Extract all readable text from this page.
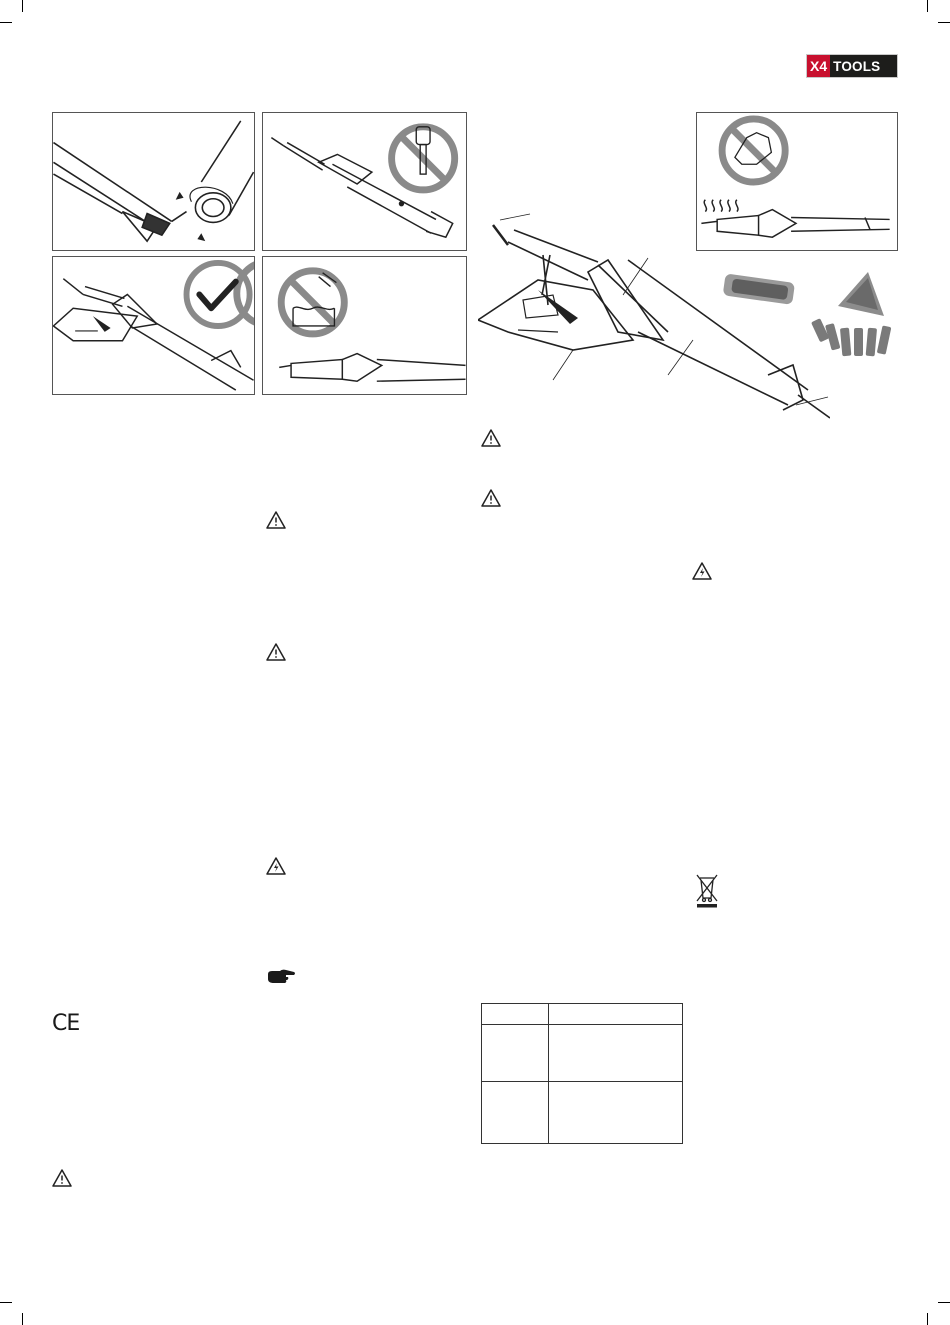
X4 TOOLS
CE
